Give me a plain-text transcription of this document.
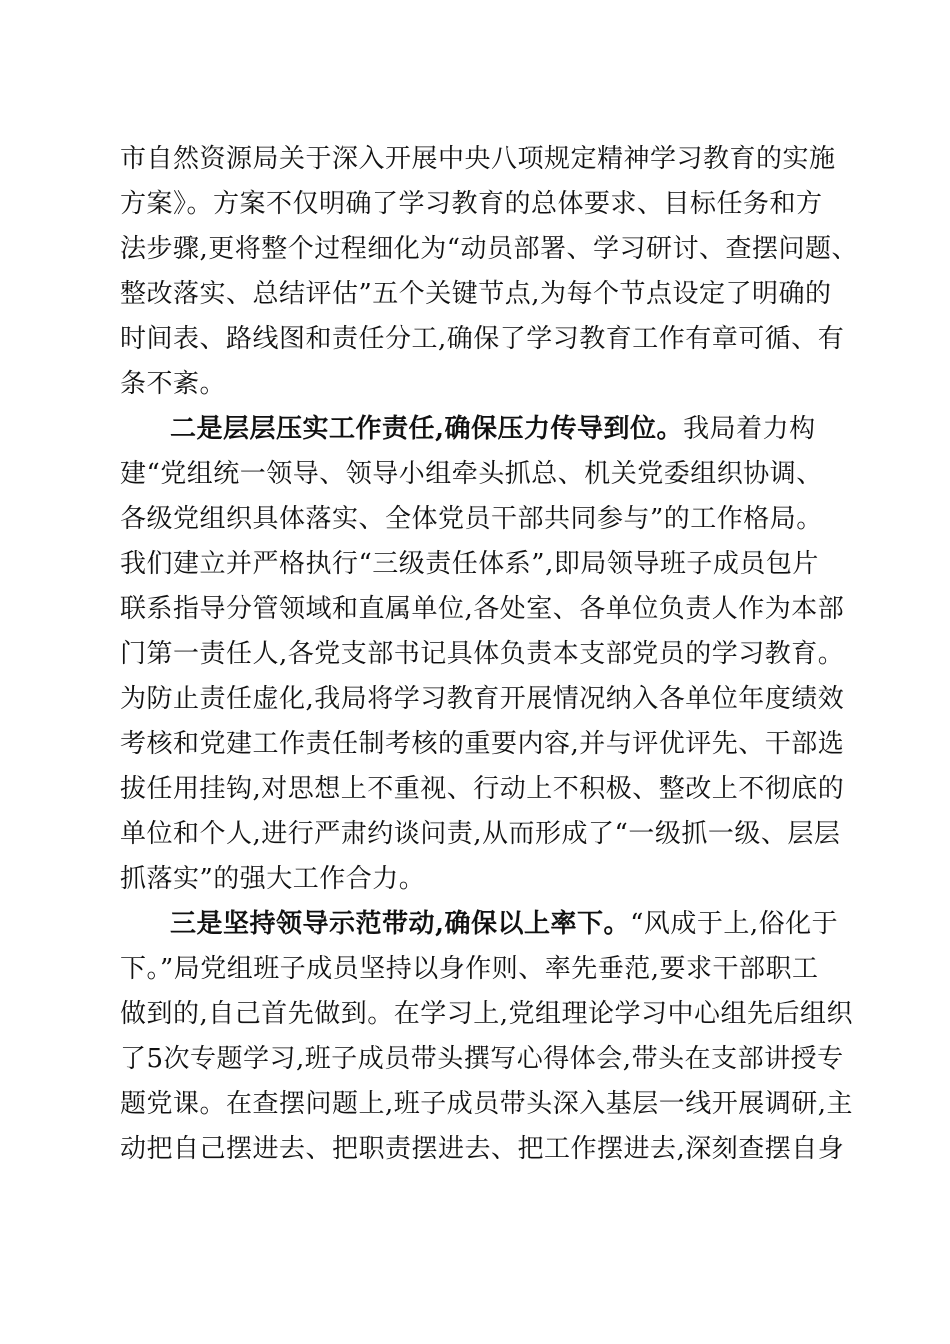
市自然资源局关于深入开展中央八项规定精神学习教育的实施
方案》。方案不仅明确了学习教育的总体要求、目标任务和方
法步骤,更将整个过程细化为“动员部署、学习研讨、查摆问题、
整改落实、总结评估”五个关键节点,为每个节点设定了明确的
时间表、路线图和责任分工,确保了学习教育工作有章可循、有
条不紊。
二是层层压实工作责任,确保压力传导到位。我局着力构
建“党组统一领导、领导小组牵头抓总、机关党委组织协调、
各级党组织具体落实、全体党员干部共同参与”的工作格局。
我们建立并严格执行“三级责任体系”,即局领导班子成员包片
联系指导分管领域和直属单位,各处室、各单位负责人作为本部
门第一责任人,各党支部书记具体负责本支部党员的学习教育。
为防止责任虚化,我局将学习教育开展情况纳入各单位年度绩效
考核和党建工作责任制考核的重要内容,并与评优评先、干部选
拔任用挂钩,对思想上不重视、行动上不积极、整改上不彻底的
单位和个人,进行严肃约谈问责,从而形成了“一级抓一级、层层
抓落实”的强大工作合力。
三是坚持领导示范带动,确保以上率下。“风成于上,俗化于
下。”局党组班子成员坚持以身作则、率先垂范,要求干部职工
做到的,自己首先做到。在学习上,党组理论学习中心组先后组织
了5次专题学习,班子成员带头撰写心得体会,带头在支部讲授专
题党课。在查摆问题上,班子成员带头深入基层一线开展调研,主
动把自己摆进去、把职责摆进去、把工作摆进去,深刻查摆自身
